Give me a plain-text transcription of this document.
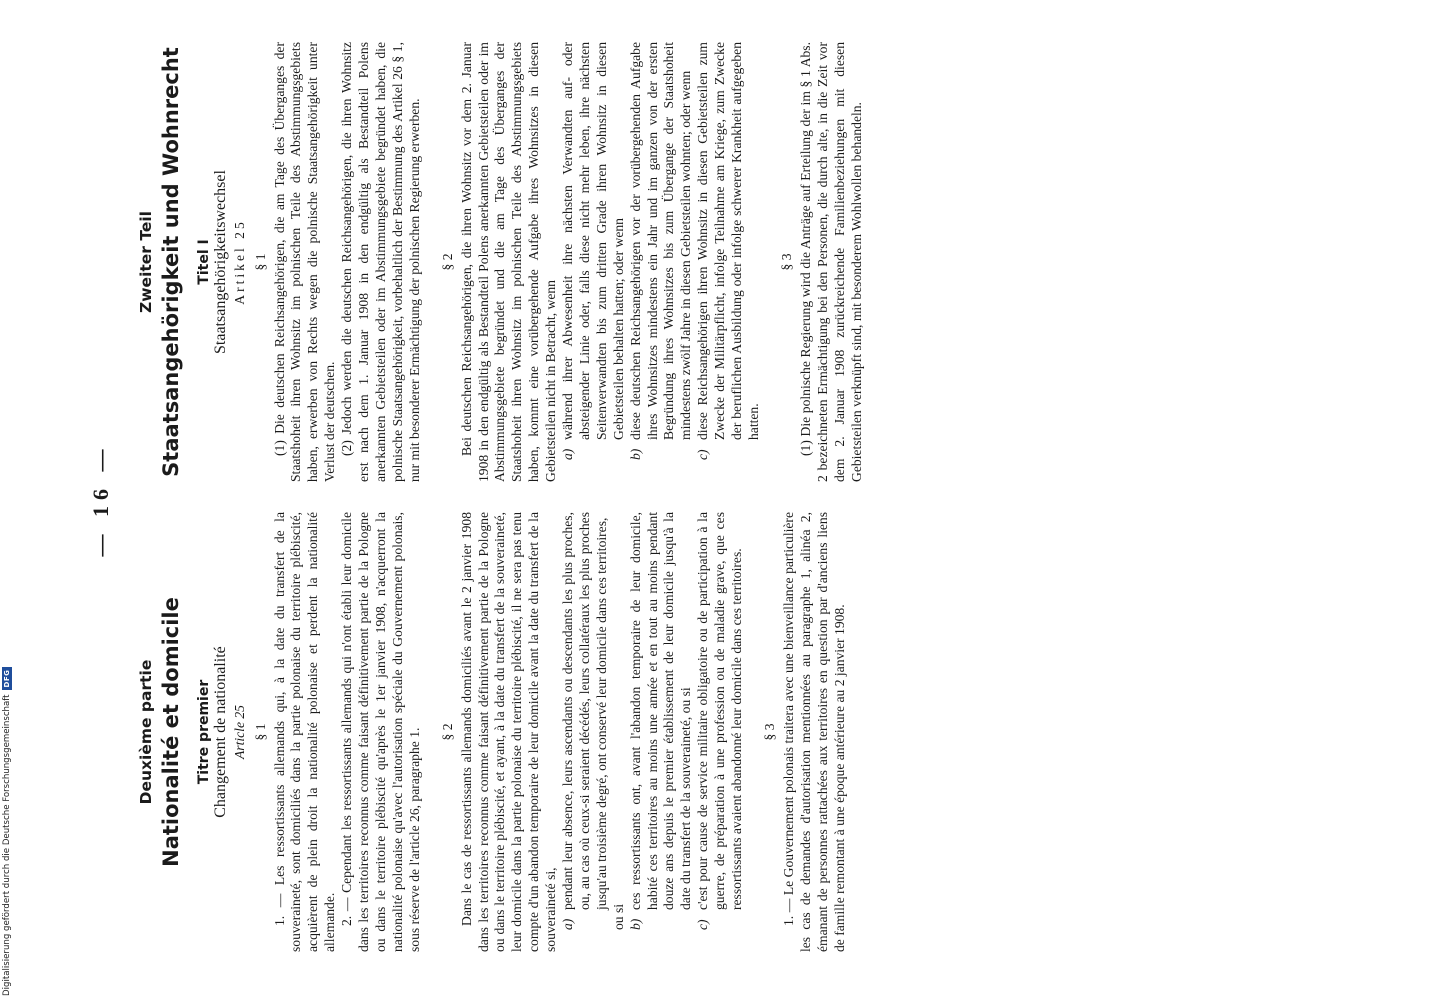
— 16 —
Deuxième partie Nationalité et domicile Titre premier Changement de nationalité Article 25 § 1 1. — Les ressortissants allemands qui, à la date du transfert de la souveraineté, sont domiciliés dans la partie polonaise du territoire plébiscité, acquièrent de plein droit la nationalité polonaise et perdent la nationalité allemande. 2. — Cependant les ressortissants allemands qui n'ont établi leur domicile dans les territoires reconnus comme faisant définitivement partie de la Pologne ou dans le territoire plébiscité qu'après le 1er janvier 1908, n'acquerront la nationalité polonaise qu'avec l'autorisation spéciale du Gouvernement polonais, sous réserve de l'article 26, paragraphe 1. § 2 Dans le cas de ressortissants allemands domiciliés avant le 2 janvier 1908 dans les territoires reconnus comme faisant définitivement partie de la Pologne ou dans le territoire plébiscité, et ayant, à la date du transfert de la souveraineté, leur domicile dans la partie polonaise du territoire plébiscité, il ne sera pas tenu compte d'un abandon temporaire de leur domicile avant la date du transfert de la souveraineté si, a)
pendant leur absence, leurs ascendants ou descendants les plus proches, ou, au cas où ceux-si seraient décédés, leurs collatéraux les plus proches jusqu'au troisième degré, ont conservé leur domicile dans ces territoires,
ou si b)
ces ressortissants ont, avant l'abandon temporaire de leur domicile, habité ces territoires au moins une année et en tout au moins pendant douze ans depuis le premier établissement de leur domicile jusqu'à la date du transfert de la souveraineté, ou si
c)
c'est pour cause de service militaire obligatoire ou de participation à la guerre, de préparation à une profession ou de maladie grave, que ces ressortissants avaient abandonné leur domicile dans ces territoires. § 3 1. — Le Gouvernement polonais traitera avec une bienveillance particulière les cas de demandes d'autorisation mentionnées au paragraphe 1, alinéa 2, émanant de personnes rattachées aux territoires en question par d'anciens liens de famille remontant à une époque antérieure au 2 janvier 1908.

Zweiter Teil Staatsangehörigkeit und Wohnrecht Titel I Staatsangehörigkeitswechsel Artikel 25 § 1 (1) Die deutschen Reichsangehörigen, die am Tage des Überganges der Staatshoheit ihren Wohnsitz im polnischen Teile des Abstimmungsgebiets haben, erwerben von Rechts wegen die polnische Staatsangehörigkeit unter Verlust der deutschen. (2) Jedoch werden die deutschen Reichsangehörigen, die ihren Wohnsitz erst nach dem 1. Januar 1908 in den endgültig als Bestandteil Polens anerkannten Gebietsteilen oder im Abstimmungsgebiete begründet haben, die polnische Staatsangehörigkeit, vorbehaltlich der Bestimmung des Artikel 26 § 1, nur mit besonderer Ermächtigung der polnischen Regierung erwerben. § 2 Bei deutschen Reichsangehörigen, die ihren Wohnsitz vor dem 2. Januar 1908 in den endgültig als Bestandteil Polens anerkannten Gebietsteilen oder im Abstimmungsgebiete begründet und die am Tage des Überganges der Staatshoheit ihren Wohnsitz im polnischen Teile des Abstimmungsgebiets haben, kommt eine vorübergehende Aufgabe ihres Wohnsitzes in diesen Gebietsteilen nicht in Betracht, wenn a)
während ihrer Abwesenheit ihre nächsten Verwandten auf- oder absteigender Linie oder, falls diese nicht mehr leben, ihre nächsten Seitenverwandten bis zum dritten Grade ihren Wohnsitz in diesen Gebietsteilen behalten hatten; oder wenn
b)
diese deutschen Reichsangehörigen vor der vorübergehenden Aufgabe ihres Wohnsitzes mindestens ein Jahr und im ganzen von der ersten Begründung ihres Wohnsitzes bis zum Übergange der Staatshoheit mindestens zwölf Jahre in diesen Gebietsteilen wohnten; oder wenn
c)
diese Reichsangehörigen ihren Wohnsitz in diesen Gebietsteilen zum Zwecke der Militärpflicht, infolge Teilnahme am Kriege, zum Zwecke der beruflichen Ausbildung oder infolge schwerer Krankheit aufgegeben hatten.
§ 3 (1) Die polnische Regierung wird die Anträge auf Erteilung der im § 1 Abs. 2 bezeichneten Ermächtigung bei den Personen, die durch alte, in die Zeit vor dem 2. Januar 1908 zurückreichende Familienbeziehungen mit diesen Gebietsteilen verknüpft sind, mit besonderem Wohlwollen behandeln.

Digitalisierung gefördert durch die Deutsche Forschungsgemeinschaft
DFG
